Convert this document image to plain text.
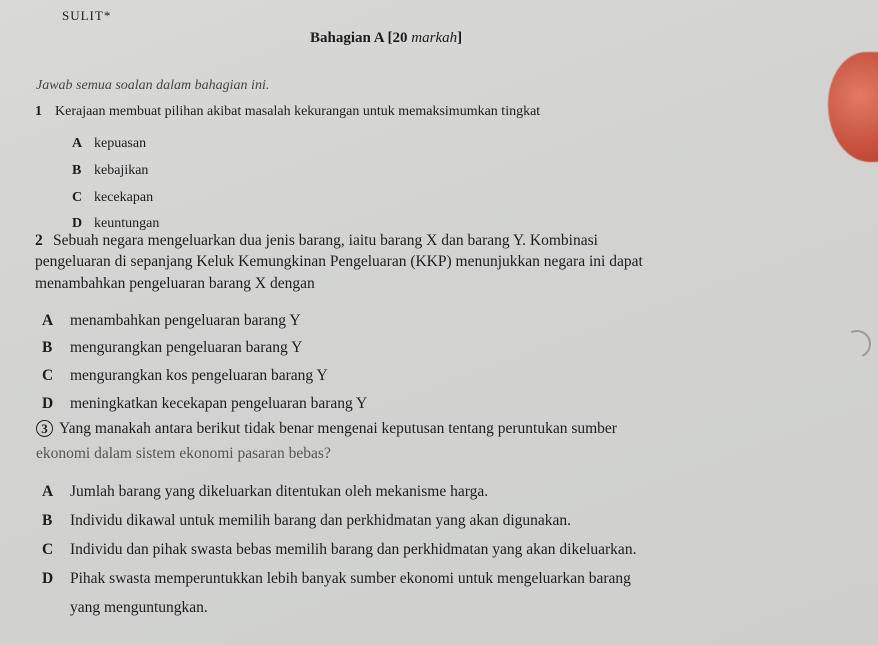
SULIT*
Bahagian A [20 markah]
Jawab semua soalan dalam bahagian ini.
1 Kerajaan membuat pilihan akibat masalah kekurangan untuk memaksimumkan tingkat
A kepuasan
B kebajikan
C kecekapan
D keuntungan
2 Sebuah negara mengeluarkan dua jenis barang, iaitu barang X dan barang Y. Kombinasi
pengeluaran di sepanjang Keluk Kemungkinan Pengeluaran (KKP) menunjukkan negara ini dapat
menambahkan pengeluaran barang X dengan
A menambahkan pengeluaran barang Y
B mengurangkan pengeluaran barang Y
C mengurangkan kos pengeluaran barang Y
D meningkatkan kecekapan pengeluaran barang Y
3 Yang manakah antara berikut tidak benar mengenai keputusan tentang peruntukan sumber
ekonomi dalam sistem ekonomi pasaran bebas?
A Jumlah barang yang dikeluarkan ditentukan oleh mekanisme harga.
B Individu dikawal untuk memilih barang dan perkhidmatan yang akan digunakan.
C Individu dan pihak swasta bebas memilih barang dan perkhidmatan yang akan dikeluarkan.
D Pihak swasta memperuntukkan lebih banyak sumber ekonomi untuk mengeluarkan barang
yang menguntungkan.
